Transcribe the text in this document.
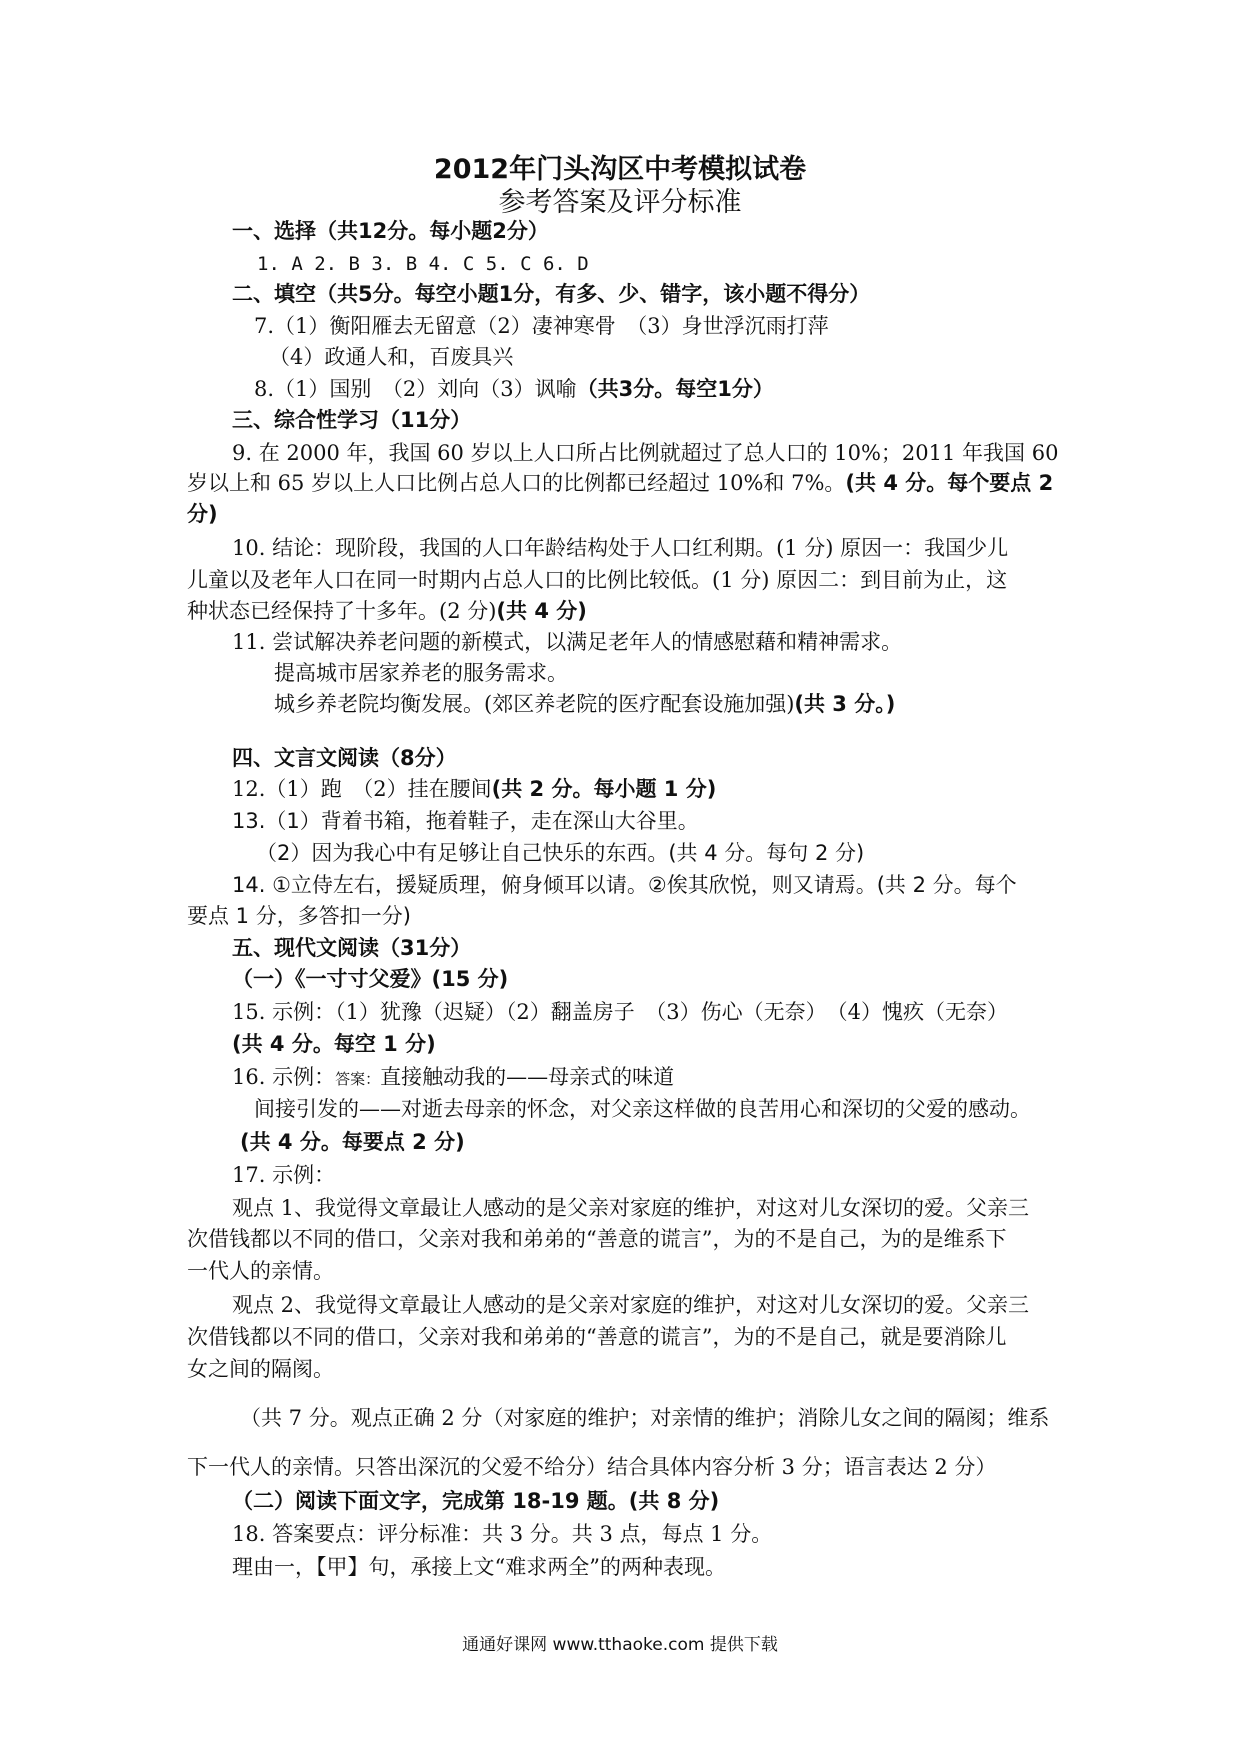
2012年门头沟区中考模拟试卷
参考答案及评分标准
一、选择（共12分。每小题2分）
1. A 2. B 3. B 4. C 5. C 6. D
二、填空（共5分。每空小题1分，有多、少、错字，该小题不得分）
7.（1）衡阳雁去无留意（2）凄神寒骨　（3）身世浮沉雨打萍
（4）政通人和，百废具兴
8.（1）国别　（2）刘向（3）讽喻（共3分。每空1分）
三、综合性学习（11分）
9. 在 2000 年，我国 60 岁以上人口所占比例就超过了总人口的 10%；2011 年我国 60
岁以上和 65 岁以上人口比例占总人口的比例都已经超过 10%和 7%。(共 4 分。每个要点 2
分)
10. 结论：现阶段，我国的人口年龄结构处于人口红利期。(1 分) 原因一：我国少儿
儿童以及老年人口在同一时期内占总人口的比例比较低。(1 分) 原因二：到目前为止，这
种状态已经保持了十多年。(2 分)(共 4 分)
11. 尝试解决养老问题的新模式，以满足老年人的情感慰藉和精神需求。
提高城市居家养老的服务需求。
城乡养老院均衡发展。(郊区养老院的医疗配套设施加强)(共 3 分。)
四、文言文阅读（8分）
12.（1）跑　（2）挂在腰间(共 2 分。每小题 1 分)
13.（1）背着书箱，拖着鞋子，走在深山大谷里。
（2）因为我心中有足够让自己快乐的东西。(共 4 分。每句 2 分)
14. ①立侍左右，援疑质理，俯身倾耳以请。②俟其欣悦，则又请焉。(共 2 分。每个
要点 1 分，多答扣一分)
五、现代文阅读（31分）
（一）《一寸寸父爱》(15 分)
15. 示例：（1）犹豫（迟疑）（2）翻盖房子　（3）伤心（无奈）　（4）愧疚（无奈）
(共 4 分。每空 1 分)
16. 示例：答案：直接触动我的——母亲式的味道
间接引发的——对逝去母亲的怀念，对父亲这样做的良苦用心和深切的父爱的感动。
(共 4 分。每要点 2 分)
17. 示例：
观点 1、我觉得文章最让人感动的是父亲对家庭的维护，对这对儿女深切的爱。父亲三
次借钱都以不同的借口，父亲对我和弟弟的“善意的谎言”，为的不是自己，为的是维系下
一代人的亲情。
观点 2、我觉得文章最让人感动的是父亲对家庭的维护，对这对儿女深切的爱。父亲三
次借钱都以不同的借口，父亲对我和弟弟的“善意的谎言”，为的不是自己，就是要消除儿
女之间的隔阂。
（共 7 分。观点正确 2 分（对家庭的维护；对亲情的维护；消除儿女之间的隔阂；维系
下一代人的亲情。只答出深沉的父爱不给分）结合具体内容分析 3 分；语言表达 2 分）
（二）阅读下面文字，完成第 18-19 题。(共 8 分)
18. 答案要点：评分标准：共 3 分。共 3 点，每点 1 分。
理由一，【甲】句，承接上文“难求两全”的两种表现。
通通好课网 www.tthaoke.com 提供下载
